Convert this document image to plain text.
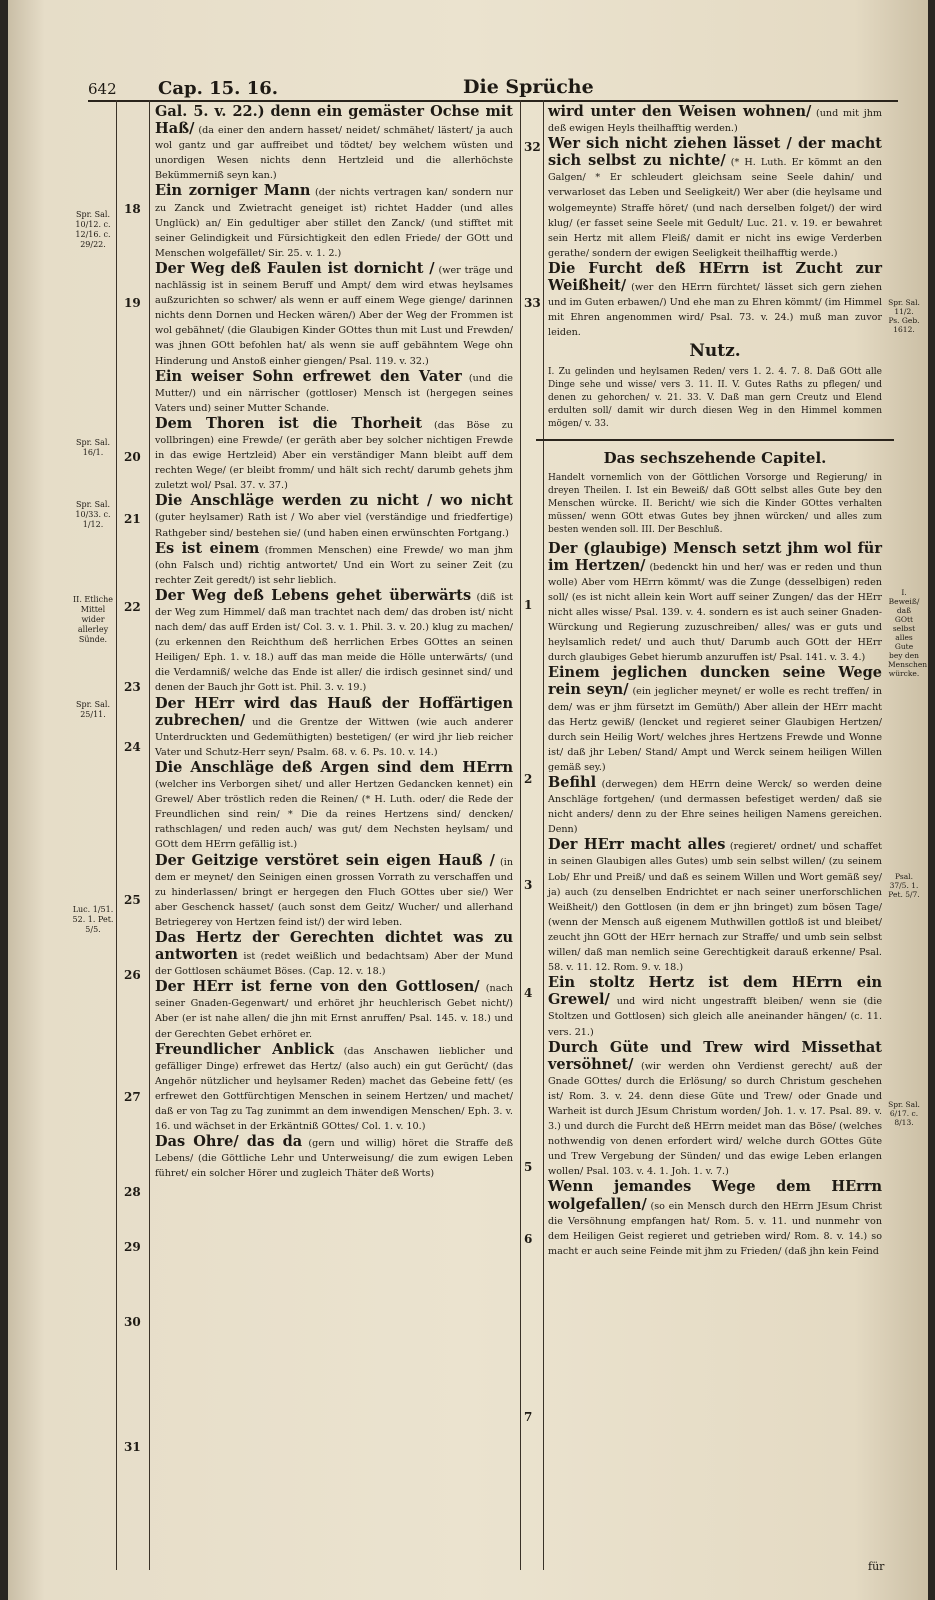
642 Cap. 15. 16.	Die Sprüche
Spr. Sal. 10/12. c. 12/16. c. 29/22.
Spr. Sal. 16/1.
Spr. Sal. 10/33. c. 1/12.
II. Etliche Mittel wider allerley Sünde.
Spr. Sal. 25/11.
Luc. 1/51. 52. 1. Pet. 5/5.
18
19
20
21
22
23
24
25
26
27
28
29
30
31

Gal. 5. v. 22.) denn ein gemäster Ochse mit Haß/ (da einer den andern hasset/ neidet/ schmähet/ lästert/ ja auch wol gantz und gar auffreibet und tödtet/ bey welchem wüsten und unordigen Wesen nichts denn Hertzleid und die allerhöchste Bekümmerniß seyn kan.)

Ein zorniger Mann (der nichts vertragen kan/ sondern nur zu Zanck und Zwietracht geneiget ist) richtet Hadder (und alles Unglück) an/ Ein gedultiger aber stillet den Zanck/ (und stifftet mit seiner Gelindigkeit und Fürsichtigkeit den edlen Friede/ der GOtt und Menschen wolgefället/ Sir. 25. v. 1. 2.)

Der Weg deß Faulen ist dornicht / (wer träge und nachlässig ist in seinem Beruff und Ampt/ dem wird etwas heylsames außzurichten so schwer/ als wenn er auff einem Wege gienge/ darinnen nichts denn Dornen und Hecken wären/) Aber der Weg der Frommen ist wol gebähnet/ (die Glaubigen Kinder GOttes thun mit Lust und Frewden/ was jhnen GOtt befohlen hat/ als wenn sie auff gebähntem Wege ohn Hinderung und Anstoß einher giengen/ Psal. 119. v. 32.)

Ein weiser Sohn erfrewet den Vater (und die Mutter/) und ein närrischer (gottloser) Mensch ist (hergegen seines Vaters und) seiner Mutter Schande.

Dem Thoren ist die Thorheit (das Böse zu vollbringen) eine Frewde/ (er geräth aber bey solcher nichtigen Frewde in das ewige Hertzleid) Aber ein verständiger Mann bleibt auff dem rechten Wege/ (er bleibt fromm/ und hält sich recht/ darumb gehets jhm zuletzt wol/ Psal. 37. v. 37.)

Die Anschläge werden zu nicht / wo nicht (guter heylsamer) Rath ist / Wo aber viel (verständige und friedfertige) Rathgeber sind/ bestehen sie/ (und haben einen erwünschten Fortgang.)

Es ist einem (frommen Menschen) eine Frewde/ wo man jhm (ohn Falsch und) richtig antwortet/ Und ein Wort zu seiner Zeit (zu rechter Zeit geredt/) ist sehr lieblich.

Der Weg deß Lebens gehet überwärts (diß ist der Weg zum Himmel/ daß man trachtet nach dem/ das droben ist/ nicht nach dem/ das auff Erden ist/ Col. 3. v. 1. Phil. 3. v. 20.) klug zu machen/ (zu erkennen den Reichthum deß herrlichen Erbes GOttes an seinen Heiligen/ Eph. 1. v. 18.) auff das man meide die Hölle unterwärts/ (und die Verdamniß/ welche das Ende ist aller/ die irdisch gesinnet sind/ und denen der Bauch jhr Gott ist. Phil. 3. v. 19.)

Der HErr wird das Hauß der Hoffärtigen zubrechen/ und die Grentze der Wittwen (wie auch anderer Unterdruckten und Gedemüthigten) bestetigen/ (er wird jhr lieb reicher Vater und Schutz-Herr seyn/ Psalm. 68. v. 6. Ps. 10. v. 14.)

Die Anschläge deß Argen sind dem HErrn (welcher ins Verborgen sihet/ und aller Hertzen Gedancken kennet) ein Grewel/ Aber tröstlich reden die Reinen/ (* H. Luth. oder/ die Rede der Freundlichen sind rein/ * Die da reines Hertzens sind/ dencken/ rathschlagen/ und reden auch/ was gut/ dem Nechsten heylsam/ und GOtt dem HErrn gefällig ist.)

Der Geitzige verstöret sein eigen Hauß / (in dem er meynet/ den Seinigen einen grossen Vorrath zu verschaffen und zu hinderlassen/ bringt er hergegen den Fluch GOttes uber sie/) Wer aber Geschenck hasset/ (auch sonst dem Geitz/ Wucher/ und allerhand Betriegerey von Hertzen feind ist/) der wird leben.

Das Hertz der Gerechten dichtet was zu antworten ist (redet weißlich und bedachtsam) Aber der Mund der Gottlosen schäumet Böses. (Cap. 12. v. 18.)

Der HErr ist ferne von den Gottlosen/ (nach seiner Gnaden-Gegenwart/ und erhöret jhr heuchlerisch Gebet nicht/) Aber (er ist nahe allen/ die jhn mit Ernst anruffen/ Psal. 145. v. 18.) und der Gerechten Gebet erhöret er.

Freundlicher Anblick (das Anschawen lieblicher und gefälliger Dinge) erfrewet das Hertz/ (also auch) ein gut Gerücht/ (das Angehör nützlicher und heylsamer Reden) machet das Gebeine fett/ (es erfrewet den Gottfürchtigen Menschen in seinem Hertzen/ und machet/ daß er von Tag zu Tag zunimmt an dem inwendigen Menschen/ Eph. 3. v. 16. und wächset in der Erkäntniß GOttes/ Col. 1. v. 10.)

Das Ohre/ das da (gern und willig) höret die Straffe deß Lebens/ (die Göttliche Lehr und Unterweisung/ die zum ewigen Leben führet/ ein solcher Hörer und zugleich Thäter deß Worts)

32
33
1
2
3
4
5
6
7

wird unter den Weisen wohnen/ (und mit jhm deß ewigen Heyls theilhafftig werden.)

Wer sich nicht ziehen lässet / der macht sich selbst zu nichte/ (* H. Luth. Er kömmt an den Galgen/ * Er schleudert gleichsam seine Seele dahin/ und verwarloset das Leben und Seeligkeit/) Wer aber (die heylsame und wolgemeynte) Straffe höret/ (und nach derselben folget/) der wird klug/ (er fasset seine Seele mit Gedult/ Luc. 21. v. 19. er bewahret sein Hertz mit allem Fleiß/ damit er nicht ins ewige Verderben gerathe/ sondern der ewigen Seeligkeit theilhafftig werde.)

Die Furcht deß HErrn ist Zucht zur Weißheit/ (wer den HErrn fürchtet/ lässet sich gern ziehen und im Guten erbawen/) Und ehe man zu Ehren kömmt/ (im Himmel mit Ehren angenommen wird/ Psal. 73. v. 24.) muß man zuvor leiden.

Nutz.

I. Zu gelinden und heylsamen Reden/ vers 1. 2. 4. 7. 8. Daß GOtt alle Dinge sehe und wisse/ vers 3. 11. II. V. Gutes Raths zu pflegen/ und denen zu gehorchen/ v. 21. 33. V. Daß man gern Creutz und Elend erdulten soll/ damit wir durch diesen Weg in den Himmel kommen mögen/ v. 33.

Das sechszehende Capitel.

Handelt vornemlich von der Göttlichen Vorsorge und Regierung/ in dreyen Theilen. I. Ist ein Beweiß/ daß GOtt selbst alles Gute bey den Menschen würcke. II. Bericht/ wie sich die Kinder GOttes verhalten müssen/ wenn GOtt etwas Gutes bey jhnen würcken/ und alles zum besten wenden soll. III. Der Beschluß.

Der (glaubige) Mensch setzt jhm wol für im Hertzen/ (bedenckt hin und her/ was er reden und thun wolle) Aber vom HErrn kömmt/ was die Zunge (desselbigen) reden soll/ (es ist nicht allein kein Wort auff seiner Zungen/ das der HErr nicht alles wisse/ Psal. 139. v. 4. sondern es ist auch seiner Gnaden-Würckung und Regierung zuzuschreiben/ alles/ was er guts und heylsamlich redet/ und auch thut/ Darumb auch GOtt der HErr durch glaubiges Gebet hierumb anzuruffen ist/ Psal. 141. v. 3. 4.)

Einem jeglichen duncken seine Wege rein seyn/ (ein jeglicher meynet/ er wolle es recht treffen/ in dem/ was er jhm fürsetzt im Gemüth/) Aber allein der HErr macht das Hertz gewiß/ (lencket und regieret seiner Glaubigen Hertzen/ durch sein Heilig Wort/ welches jhres Hertzens Frewde und Wonne ist/ daß jhr Leben/ Stand/ Ampt und Werck seinem heiligen Willen gemäß sey.)

Befihl (derwegen) dem HErrn deine Werck/ so werden deine Anschläge fortgehen/ (und dermassen befestiget werden/ daß sie nicht anders/ denn zu der Ehre seines heiligen Namens gereichen. Denn)

Der HErr macht alles (regieret/ ordnet/ und schaffet in seinen Glaubigen alles Gutes) umb sein selbst willen/ (zu seinem Lob/ Ehr und Preiß/ und daß es seinem Willen und Wort gemäß sey/ ja) auch (zu denselben Endrichtet er nach seiner unerforschlichen Weißheit/) den Gottlosen (in dem er jhn bringet) zum bösen Tage/ (wenn der Mensch auß eigenem Muthwillen gottloß ist und bleibet/ zeucht jhn GOtt der HErr hernach zur Straffe/ und umb sein selbst willen/ daß man nemlich seine Gerechtigkeit darauß erkenne/ Psal. 58. v. 11. 12. Rom. 9. v. 18.)

Ein stoltz Hertz ist dem HErrn ein Grewel/ und wird nicht ungestrafft bleiben/ wenn sie (die Stoltzen und Gottlosen) sich gleich alle aneinander hängen/ (c. 11. vers. 21.)

Durch Güte und Trew wird Missethat versöhnet/ (wir werden ohn Verdienst gerecht/ auß der Gnade GOttes/ durch die Erlösung/ so durch Christum geschehen ist/ Rom. 3. v. 24. denn diese Güte und Trew/ oder Gnade und Warheit ist durch JEsum Christum worden/ Joh. 1. v. 17. Psal. 89. v. 3.) und durch die Furcht deß HErrn meidet man das Böse/ (welches nothwendig von denen erfordert wird/ welche durch GOttes Güte und Trew Vergebung der Sünden/ und das ewige Leben erlangen wollen/ Psal. 103. v. 4. 1. Joh. 1. v. 7.)

Wenn jemandes Wege dem HErrn wolgefallen/ (so ein Mensch durch den HErrn JEsum Christ die Versöhnung empfangen hat/ Rom. 5. v. 11. und nunmehr von dem Heiligen Geist regieret und getrieben wird/ Rom. 8. v. 14.) so macht er auch seine Feinde mit jhm zu Frieden/ (daß jhn kein Feind

Spr. Sal. 11/2. Ps. Geb. 1612.
I. Beweiß/ daß GOtt selbst alles Gute bey den Menschen würcke.
Psal. 37/5. 1. Pet. 5/7.
Spr. Sal. 6/17. c. 8/13.
für
